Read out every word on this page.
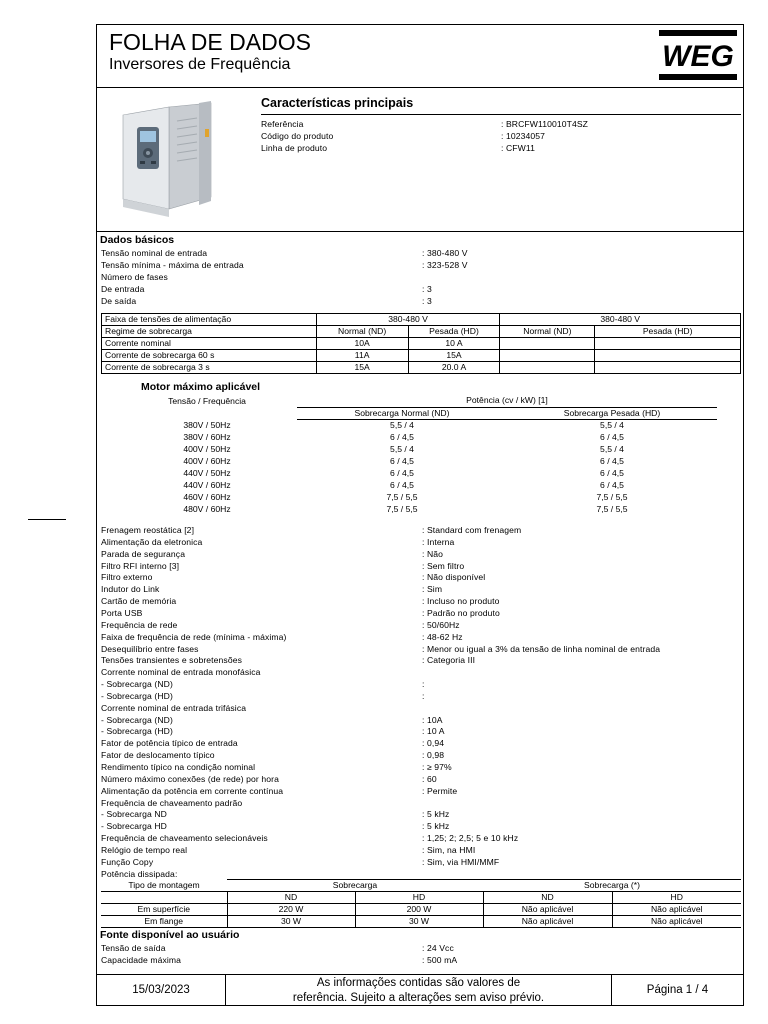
FOLHA DE DADOS
Inversores de Frequência	WEG
Características principais
Referência	: BRCFW110010T4SZ
Código do produto	: 10234057
Linha de produto	: CFW11
Dados básicos
Tensão nominal de entrada	: 380-480 V
Tensão mínima - máxima de entrada	: 323-528 V
Número de fases
De entrada	: 3
De saída	: 3
Faixa de tensões de alimentação	380-480 V		380-480 V	
Regime de sobrecarga	Normal (ND)	Pesada (HD)	Normal (ND)	Pesada (HD)
Corrente nominal	10A	10 A		
Corrente de sobrecarga 60 s	11A	15A		
Corrente de sobrecarga 3 s	15A	20.0 A		
Motor máximo aplicável
Tensão / Frequência	Potência (cv / kW) [1]	
	Sobrecarga Normal (ND)	Sobrecarga Pesada (HD)
380V / 50Hz	5,5 / 4	5,5 / 4
380V / 60Hz	6 / 4,5	6 / 4,5
400V / 50Hz	5,5 / 4	5,5 / 4
400V / 60Hz	6 / 4,5	6 / 4,5
440V / 50Hz	6 / 4,5	6 / 4,5
440V / 60Hz	6 / 4,5	6 / 4,5
460V / 60Hz	7,5 / 5,5	7,5 / 5,5
480V / 60Hz	7,5 / 5,5	7,5 / 5,5
Frenagem reostática [2]	: Standard com frenagem
Alimentação da eletronica	: Interna
Parada de segurança	: Não
Filtro RFI interno [3]	: Sem filtro
Filtro externo	: Não disponível
Indutor do Link	: Sim
Cartão de memória	: Incluso no produto
Porta USB	: Padrão no produto
Frequência de rede	: 50/60Hz
Faixa de frequência de rede (mínima - máxima)	: 48-62 Hz
Desequilíbrio entre fases	: Menor ou igual a 3% da tensão de linha nominal de entrada
Tensões transientes e sobretensões	: Categoria III
Corrente nominal de entrada monofásica
- Sobrecarga (ND)	:
- Sobrecarga (HD)	:
Corrente nominal de entrada trifásica
- Sobrecarga (ND)	: 10A
- Sobrecarga (HD)	: 10 A
Fator de potência típico de entrada	: 0,94
Fator de deslocamento típico	: 0,98
Rendimento típico na condição nominal	: ≥ 97%
Número máximo conexões (de rede) por hora	: 60
Alimentação da potência em corrente contínua	: Permite
Frequência de chaveamento padrão
- Sobrecarga ND	: 5 kHz
- Sobrecarga HD	: 5 kHz
Frequência de chaveamento selecionáveis	: 1,25; 2; 2,5; 5 e 10 kHz
Relógio de tempo real	: Sim, na HMI
Função Copy	: Sim, via HMI/MMF
Potência dissipada:
Tipo de montagem	Sobrecarga		Sobrecarga (*)	
	ND	HD	ND	HD
Em superfície	220 W	200 W	Não aplicável	Não aplicável
Em flange	30 W	30 W	Não aplicável	Não aplicável
Fonte disponível ao usuário
Tensão de saída	: 24 Vcc
Capacidade máxima	: 500 mA
15/03/2023
As informações contidas são valores de
referência. Sujeito a alterações sem aviso prévio.
Página 1 / 4
